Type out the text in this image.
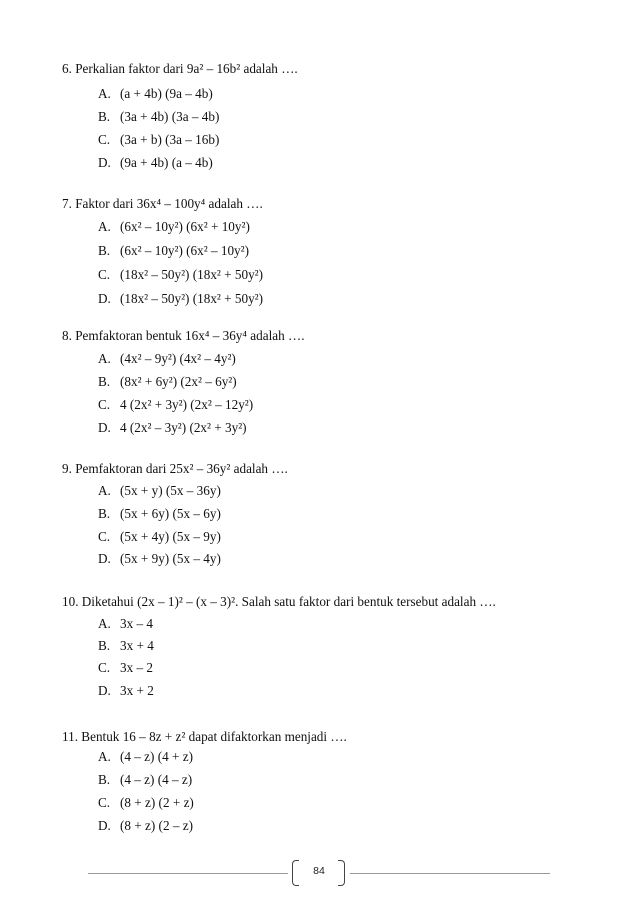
6. Perkalian faktor dari 9a² – 16b² adalah ….
A. (a + 4b) (9a – 4b)
B. (3a + 4b) (3a – 4b)
C. (3a + b) (3a – 16b)
D. (9a + 4b) (a – 4b)
7. Faktor dari 36x⁴ – 100y⁴ adalah ….
A. (6x² – 10y²) (6x² + 10y²)
B. (6x² – 10y²) (6x² – 10y²)
C. (18x² – 50y²) (18x² + 50y²)
D. (18x² – 50y²) (18x² + 50y²)
8. Pemfaktoran bentuk 16x⁴ – 36y⁴ adalah ….
A. (4x² – 9y²) (4x² – 4y²)
B. (8x² + 6y²) (2x² – 6y²)
C. 4 (2x² + 3y²) (2x² – 12y²)
D. 4 (2x² – 3y²) (2x² + 3y²)
9. Pemfaktoran dari 25x² – 36y² adalah ….
A. (5x + y) (5x – 36y)
B. (5x + 6y) (5x – 6y)
C. (5x + 4y) (5x – 9y)
D. (5x + 9y) (5x – 4y)
10. Diketahui (2x – 1)² – (x – 3)². Salah satu faktor dari bentuk tersebut adalah ….
A. 3x – 4
B. 3x + 4
C. 3x – 2
D. 3x + 2
11. Bentuk 16 – 8z + z² dapat difaktorkan menjadi ….
A. (4 – z) (4 + z)
B. (4 – z) (4 – z)
C. (8 + z) (2 + z)
D. (8 + z) (2 – z)
84
